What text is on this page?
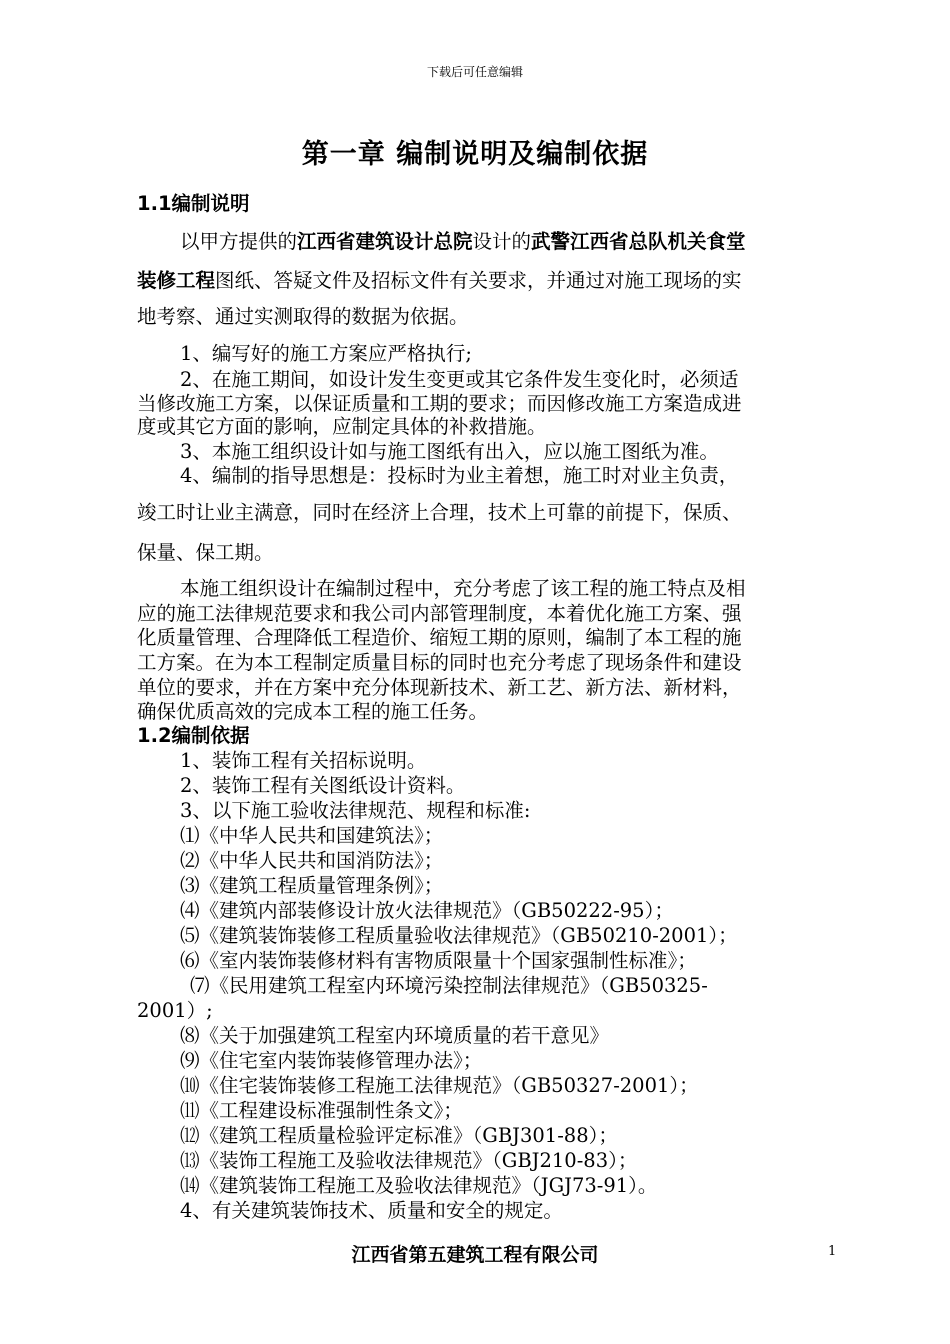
下载后可任意编辑
第一章 编制说明及编制依据
1.1编制说明
以甲方提供的江西省建筑设计总院设计的武警江西省总队机关食堂
装修工程图纸、答疑文件及招标文件有关要求，并通过对施工现场的实
地考察、通过实测取得的数据为依据。
1、编写好的施工方案应严格执行;
2、在施工期间，如设计发生变更或其它条件发生变化时，必须适
当修改施工方案，以保证质量和工期的要求；而因修改施工方案造成进
度或其它方面的影响，应制定具体的补救措施。
3、本施工组织设计如与施工图纸有出入，应以施工图纸为准。
4、编制的指导思想是：投标时为业主着想，施工时对业主负责，
竣工时让业主满意，同时在经济上合理，技术上可靠的前提下，保质、
保量、保工期。
本施工组织设计在编制过程中，充分考虑了该工程的施工特点及相
应的施工法律规范要求和我公司内部管理制度，本着优化施工方案、强
化质量管理、合理降低工程造价、缩短工期的原则，编制了本工程的施
工方案。在为本工程制定质量目标的同时也充分考虑了现场条件和建设
单位的要求，并在方案中充分体现新技术、新工艺、新方法、新材料，
确保优质高效的完成本工程的施工任务。
1.2编制依据
1、装饰工程有关招标说明。
2、装饰工程有关图纸设计资料。
3、以下施工验收法律规范、规程和标准:
⑴《中华人民共和国建筑法》；
⑵《中华人民共和国消防法》；
⑶《建筑工程质量管理条例》；
⑷《建筑内部装修设计放火法律规范》（GB50222-95）；
⑸《建筑装饰装修工程质量验收法律规范》（GB50210-2001）；
⑹《室内装饰装修材料有害物质限量十个国家强制性标准》；
⑺《民用建筑工程室内环境污染控制法律规范》（GB50325-
2001）;
⑻《关于加强建筑工程室内环境质量的若干意见》
⑼《住宅室内装饰装修管理办法》；
⑽《住宅装饰装修工程施工法律规范》（GB50327-2001）；
⑾《工程建设标准强制性条文》；
⑿《建筑工程质量检验评定标准》（GBJ301-88）；
⒀《装饰工程施工及验收法律规范》（GBJ210-83）；
⒁《建筑装饰工程施工及验收法律规范》（JGJ73-91）。
4、有关建筑装饰技术、质量和安全的规定。
江西省第五建筑工程有限公司	1
